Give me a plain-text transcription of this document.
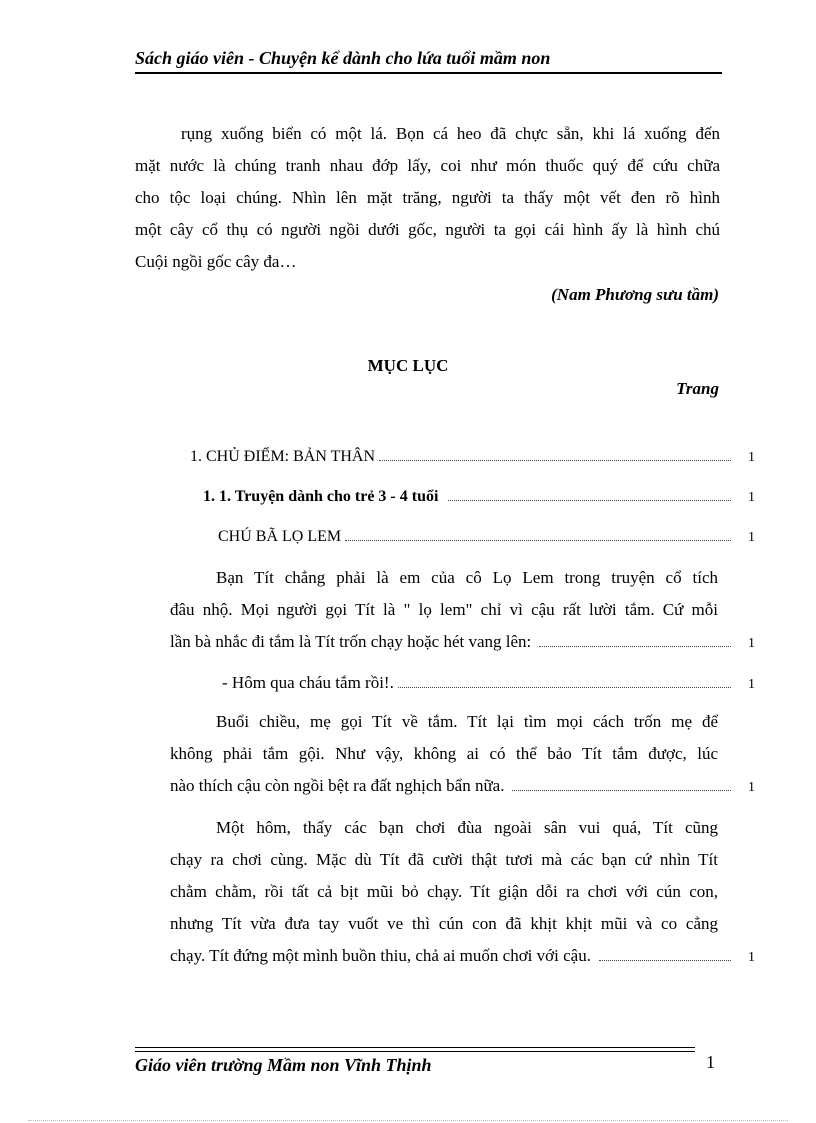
Sách giáo viên - Chuyện kể dành cho lứa tuổi mầm non
rụng xuống biển có một lá. Bọn cá heo đã chực sẵn, khi lá xuống đến
mặt nước là chúng tranh nhau đớp lấy, coi như món thuốc quý để cứu chữa
cho tộc loại chúng. Nhìn lên mặt trăng, người ta thấy một vết đen rõ hình
một cây cổ thụ có người ngồi dưới gốc, người ta gọi cái hình ấy là hình chú
Cuội ngồi gốc cây đa…
(Nam Phương sưu tầm)
MỤC LỤC
Trang
1. CHỦ ĐIỂM: BẢN THÂN	1
1. 1. Truyện dành cho trẻ 3 - 4 tuổi	1
CHÚ BÃ LỌ LEM	1
Bạn Tít chẳng phải là em của cô Lọ Lem trong truyện cổ tích
đâu nhộ. Mọi người gọi Tít là " lọ lem" chỉ vì cậu rất lười tắm. Cứ mỗi
lần bà nhắc đi tắm là Tít trốn chạy hoặc hét vang lên:	1
- Hôm qua cháu tắm rồi!.	1
Buổi chiều, mẹ gọi Tít về tắm. Tít lại tìm mọi cách trốn mẹ để
không phải tắm gội. Như vậy, không ai có thể bảo Tít tắm được, lúc
nào thích cậu còn ngồi bệt ra đất nghịch bẩn nữa.	1
Một hôm, thấy các bạn chơi đùa ngoài sân vui quá, Tít cũng
chạy ra chơi cùng. Mặc dù Tít đã cười thật tươi mà các bạn cứ nhìn Tít
chằm chằm, rồi tất cả bịt mũi bỏ chạy. Tít giận dỗi ra chơi với cún con,
nhưng Tít vừa đưa tay vuốt ve thì cún con đã khịt khịt mũi và co cẳng
chạy. Tít đứng một mình buồn thiu, chả ai muốn chơi với cậu.	1
Giáo viên trường Mầm non Vĩnh Thịnh	1
